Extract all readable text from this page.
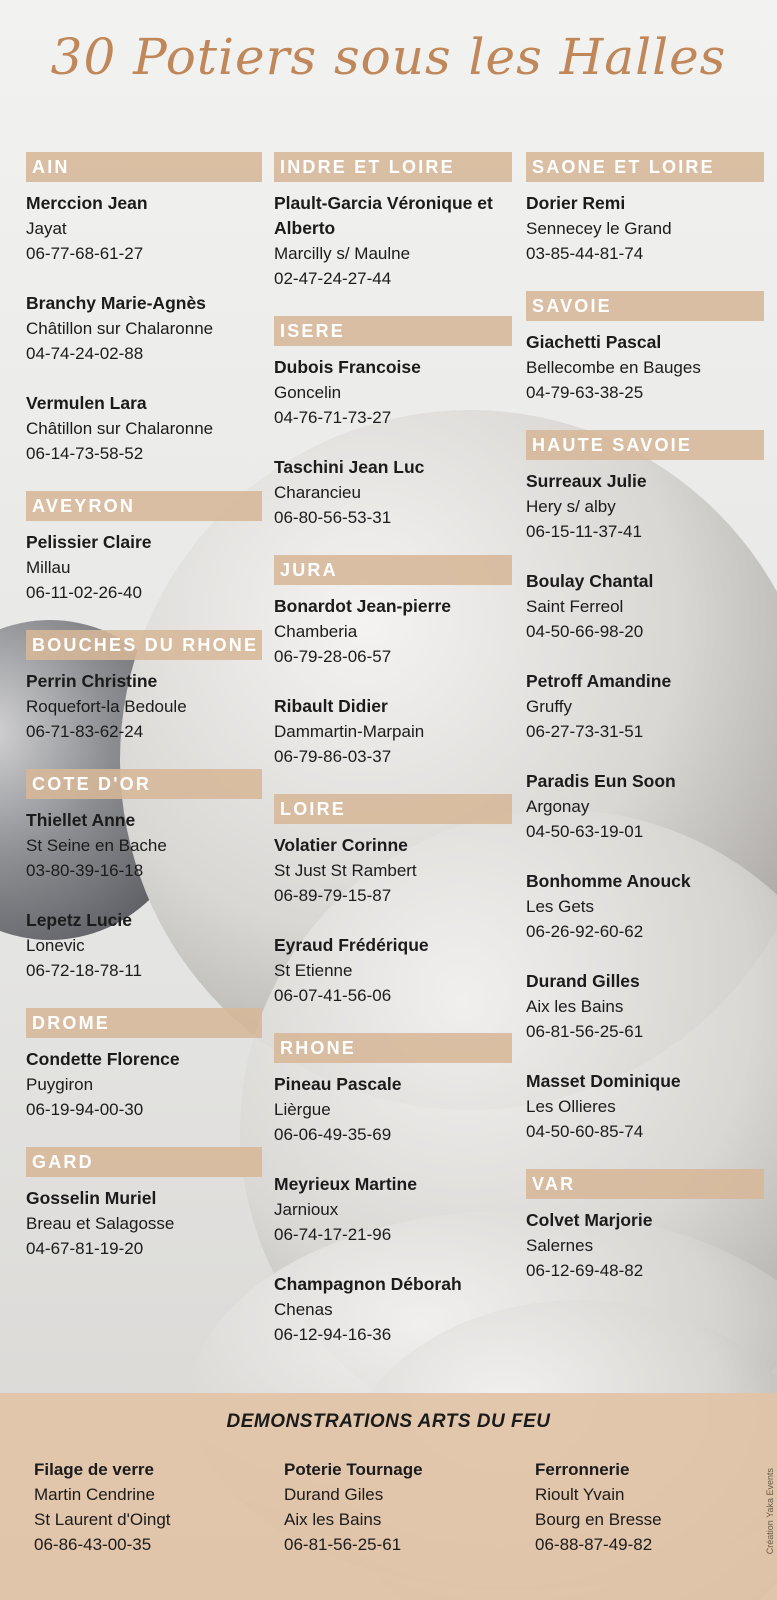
30 Potiers sous les Halles
AIN
Merccion Jean
Jayat
06-77-68-61-27
Branchy Marie-Agnès
Châtillon sur Chalaronne
04-74-24-02-88
Vermulen Lara
Châtillon sur Chalaronne
06-14-73-58-52
AVEYRON
Pelissier Claire
Millau
06-11-02-26-40
BOUCHES DU RHONE
Perrin Christine
Roquefort-la Bedoule
06-71-83-62-24
COTE D'OR
Thiellet Anne
St Seine en Bache
03-80-39-16-18
Lepetz Lucie
Lonevic
06-72-18-78-11
DROME
Condette Florence
Puygiron
06-19-94-00-30
GARD
Gosselin Muriel
Breau et Salagosse
04-67-81-19-20
INDRE ET LOIRE
Plault-Garcia Véronique et Alberto
Marcilly s/ Maulne
02-47-24-27-44
ISERE
Dubois Francoise
Goncelin
04-76-71-73-27
Taschini Jean Luc
Charancieu
06-80-56-53-31
JURA
Bonardot Jean-pierre
Chamberia
06-79-28-06-57
Ribault Didier
Dammartin-Marpain
06-79-86-03-37
LOIRE
Volatier Corinne
St Just St Rambert
06-89-79-15-87
Eyraud Frédérique
St Etienne
06-07-41-56-06
RHONE
Pineau Pascale
Lièrgue
06-06-49-35-69
Meyrieux Martine
Jarnioux
06-74-17-21-96
Champagnon Déborah
Chenas
06-12-94-16-36
SAONE ET LOIRE
Dorier Remi
Sennecey le Grand
03-85-44-81-74
SAVOIE
Giachetti Pascal
Bellecombe en Bauges
04-79-63-38-25
HAUTE SAVOIE
Surreaux Julie
Hery s/ alby
06-15-11-37-41
Boulay Chantal
Saint Ferreol
04-50-66-98-20
Petroff Amandine
Gruffy
06-27-73-31-51
Paradis Eun Soon
Argonay
04-50-63-19-01
Bonhomme Anouck
Les Gets
06-26-92-60-62
Durand Gilles
Aix les Bains
06-81-56-25-61
Masset Dominique
Les Ollieres
04-50-60-85-74
VAR
Colvet Marjorie
Salernes
06-12-69-48-82
DEMONSTRATIONS ARTS DU FEU
Filage de verre
Martin Cendrine
St Laurent d'Oingt
06-86-43-00-35
Poterie Tournage
Durand Giles
Aix les Bains
06-81-56-25-61
Ferronnerie
Rioult Yvain
Bourg en Bresse
06-88-87-49-82	Création Yaka Events
